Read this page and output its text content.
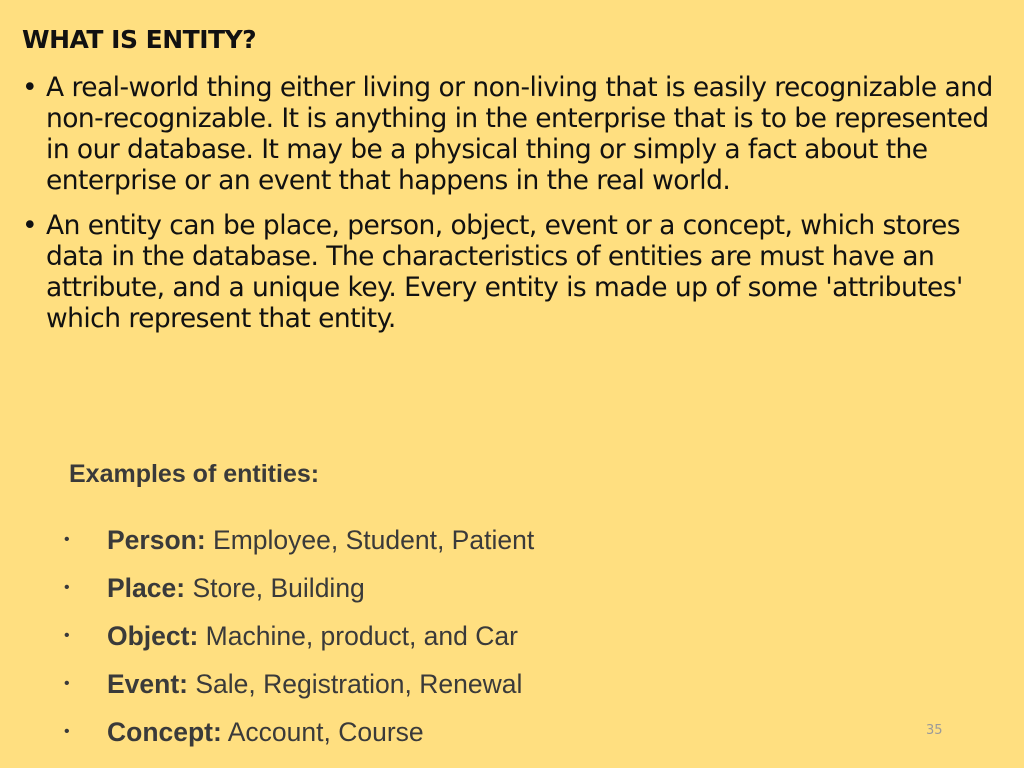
WHAT IS ENTITY?
• A real-world thing either living or non-living that is easily recognizable and non-recognizable. It is anything in the enterprise that is to be represented in our database. It may be a physical thing or simply a fact about the enterprise or an event that happens in the real world.
• An entity can be place, person, object, event or a concept, which stores data in the database. The characteristics of entities are must have an attribute, and a unique key. Every entity is made up of some 'attributes' which represent that entity.
Examples of entities:
• Person: Employee, Student, Patient
• Place: Store, Building
• Object: Machine, product, and Car
• Event: Sale, Registration, Renewal
• Concept: Account, Course	35
